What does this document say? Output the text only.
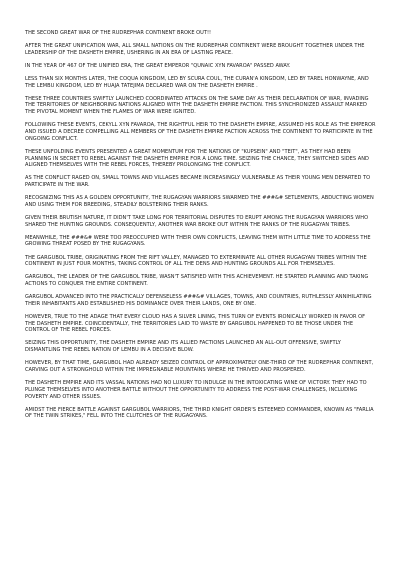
THE SECOND GREAT WAR OF THE RUDREPHAR CONTINENT BROKE OUT!!

AFTER THE GREAT UNIFICATION WAR, ALL SMALL NATIONS ON THE RUDREPHAR CONTINENT WERE BROUGHT TOGETHER UNDER THE LEADERSHIP OF THE DASHETH EMPIRE, USHERING IN AN ERA OF LASTING PEACE.

IN THE YEAR OF 467 OF THE UNIFIED ERA, THE GREAT EMPEROR "QUNAIC XYN FAVAROA" PASSED AWAY.

LESS THAN SIX MONTHS LATER, THE COQUA KINGDOM, LED BY SCURA COUL, THE CURAN'A KINGDOM, LED BY TAREL HONWAYNE, AND THE LEMBU KINGDOM, LED BY HUAJA TATEJIMA DECLARED WAR ON THE DASHETH EMPIRE .

THESE THREE COUNTRIES SWIFTLY LAUNCHED COORDINATED ATTACKS ON THE SAME DAY AS THEIR DECLARATION OF WAR, INVADING THE TERRITORIES OF NEIGHBORING NATIONS ALIGNED WITH THE DASHETH EMPIRE FACTION. THIS SYNCHRONIZED ASSAULT MARKED THE PIVOTAL MOMENT WHEN THE FLAMES OF WAR WERE IGNITED.

FOLLOWING THESE EVENTS, CEKYLL XYN FAVAROA, THE RIGHTFUL HEIR TO THE DASHETH EMPIRE, ASSUMED HIS ROLE AS THE EMPEROR AND ISSUED A DECREE COMPELLING ALL MEMBERS OF THE DASHETH EMPIRE FACTION ACROSS THE CONTINENT TO PARTICIPATE IN THE ONGOING CONFLICT.

THESE UNFOLDING EVENTS PRESENTED A GREAT MOMENTUM FOR THE NATIONS OF "KUPSEIN" AND "TEIT", AS THEY HAD BEEN PLANNING IN SECRET TO REBEL AGAINST THE DASHETH EMPIRE FOR A LONG TIME. SEIZING THE CHANCE, THEY SWITCHED SIDES AND ALIGNED THEMSELVES WITH THE REBEL FORCES, THEREBY PROLONGING THE CONFLICT.

AS THE CONFLICT RAGED ON, SMALL TOWNS AND VILLAGES BECAME INCREASINGLY VULNERABLE AS THEIR YOUNG MEN DEPARTED TO PARTICIPATE IN THE WAR.

RECOGNIZING THIS AS A GOLDEN OPPORTUNITY, THE RUGAGYAN WARRIORS SWARMED THE ###&# SETLEMENTS, ABDUCTING WOMEN AND USING THEM FOR BREEDING, STEADILY BOLSTERING THEIR RANKS.

GIVEN THEIR BRUTISH NATURE, IT DIDN'T TAKE LONG FOR TERRITORIAL DISPUTES TO ERUPT AMONG THE RUGAGYAN WARRIORS WHO SHARED THE HUNTING GROUNDS. CONSEQUENTLY, ANOTHER WAR BROKE OUT WITHIN THE RANKS OF THE RUGAGYAN TRIBES.

MEANWHILE, THE ###&# WERE TOO PREOCCUPIED WITH THEIR OWN CONFLICTS, LEAVING THEM WITH LITTLE TIME TO ADDRESS THE GROWING THREAT POSED BY THE RUGAGYANS.

THE GARGUBOL TRIBE, ORIGINATING FROM THE RIFT VALLEY, MANAGED TO EXTERMINATE ALL OTHER RUGAGYAN TRIBES WITHIN THE CONTINENT IN JUST FOUR MONTHS, TAKING CONTROL OF ALL THE DENS AND HUNTING GROUNDS ALL FOR THEMSELVES.

GARGUBOL, THE LEADER OF THE GARGUBOL TRIBE, WASN'T SATISFIED WITH THIS ACHIEVEMENT. HE STARTED PLANNING AND TAKING ACTIONS TO CONQUER THE ENTIRE CONTINENT.

GARGUBOL ADVANCED INTO THE PRACTICALLY DEFENSELESS ###&# VILLAGES, TOWNS, AND COUNTRIES, RUTHLESSLY ANNIHILATING THEIR INHABITANTS AND ESTABLISHED HIS DOMINANCE OVER THEIR LANDS, ONE BY ONE.

HOWEVER, TRUE TO THE ADAGE THAT EVERY CLOUD HAS A SILVER LINING, THIS TURN OF EVENTS IRONICALLY WORKED IN FAVOR OF THE DASHETH EMPIRE. COINCIDENTALLY, THE TERRITORIES LAID TO WASTE BY GARGUBOL HAPPENED TO BE THOSE UNDER THE CONTROL OF THE REBEL FORCES.

SEIZING THIS OPPORTUNITY, THE DASHETH EMPIRE AND ITS ALLIED FACTIONS LAUNCHED AN ALL-OUT OFFENSIVE, SWIFTLY DISMANTLING THE REBEL NATION OF LEMBU IN A DECISIVE BLOW.

HOWEVER, BY THAT TIME, GARGUBOL HAD ALREADY SEIZED CONTROL OF APPROXIMATELY ONE-THIRD OF THE RUDREPHAR CONTINENT, CARVING OUT A STRONGHOLD WITHIN THE IMPREGNABLE MOUNTAINS WHERE HE THRIVED AND PROSPERED.

THE DASHETH EMPIRE AND ITS VASSAL NATIONS HAD NO LUXURY TO INDULGE IN THE INTOXICATING WINE OF VICTORY. THEY HAD TO PLUNGE THEMSELVES INTO ANOTHER BATTLE WITHOUT THE OPPORTUNITY TO ADDRESS THE POST-WAR CHALLENGES, INCLUDING POVERTY AND OTHER ISSUES.

AMIDST THE FIERCE BATTLE AGAINST GARGUBOL WARRIORS, THE THIRD KNIGHT ORDER'S ESTEEMED COMMANDER, KNOWN AS "FARLIA OF THE TWIN STRIKES," FELL INTO THE CLUTCHES OF THE RUGAGYANS.
